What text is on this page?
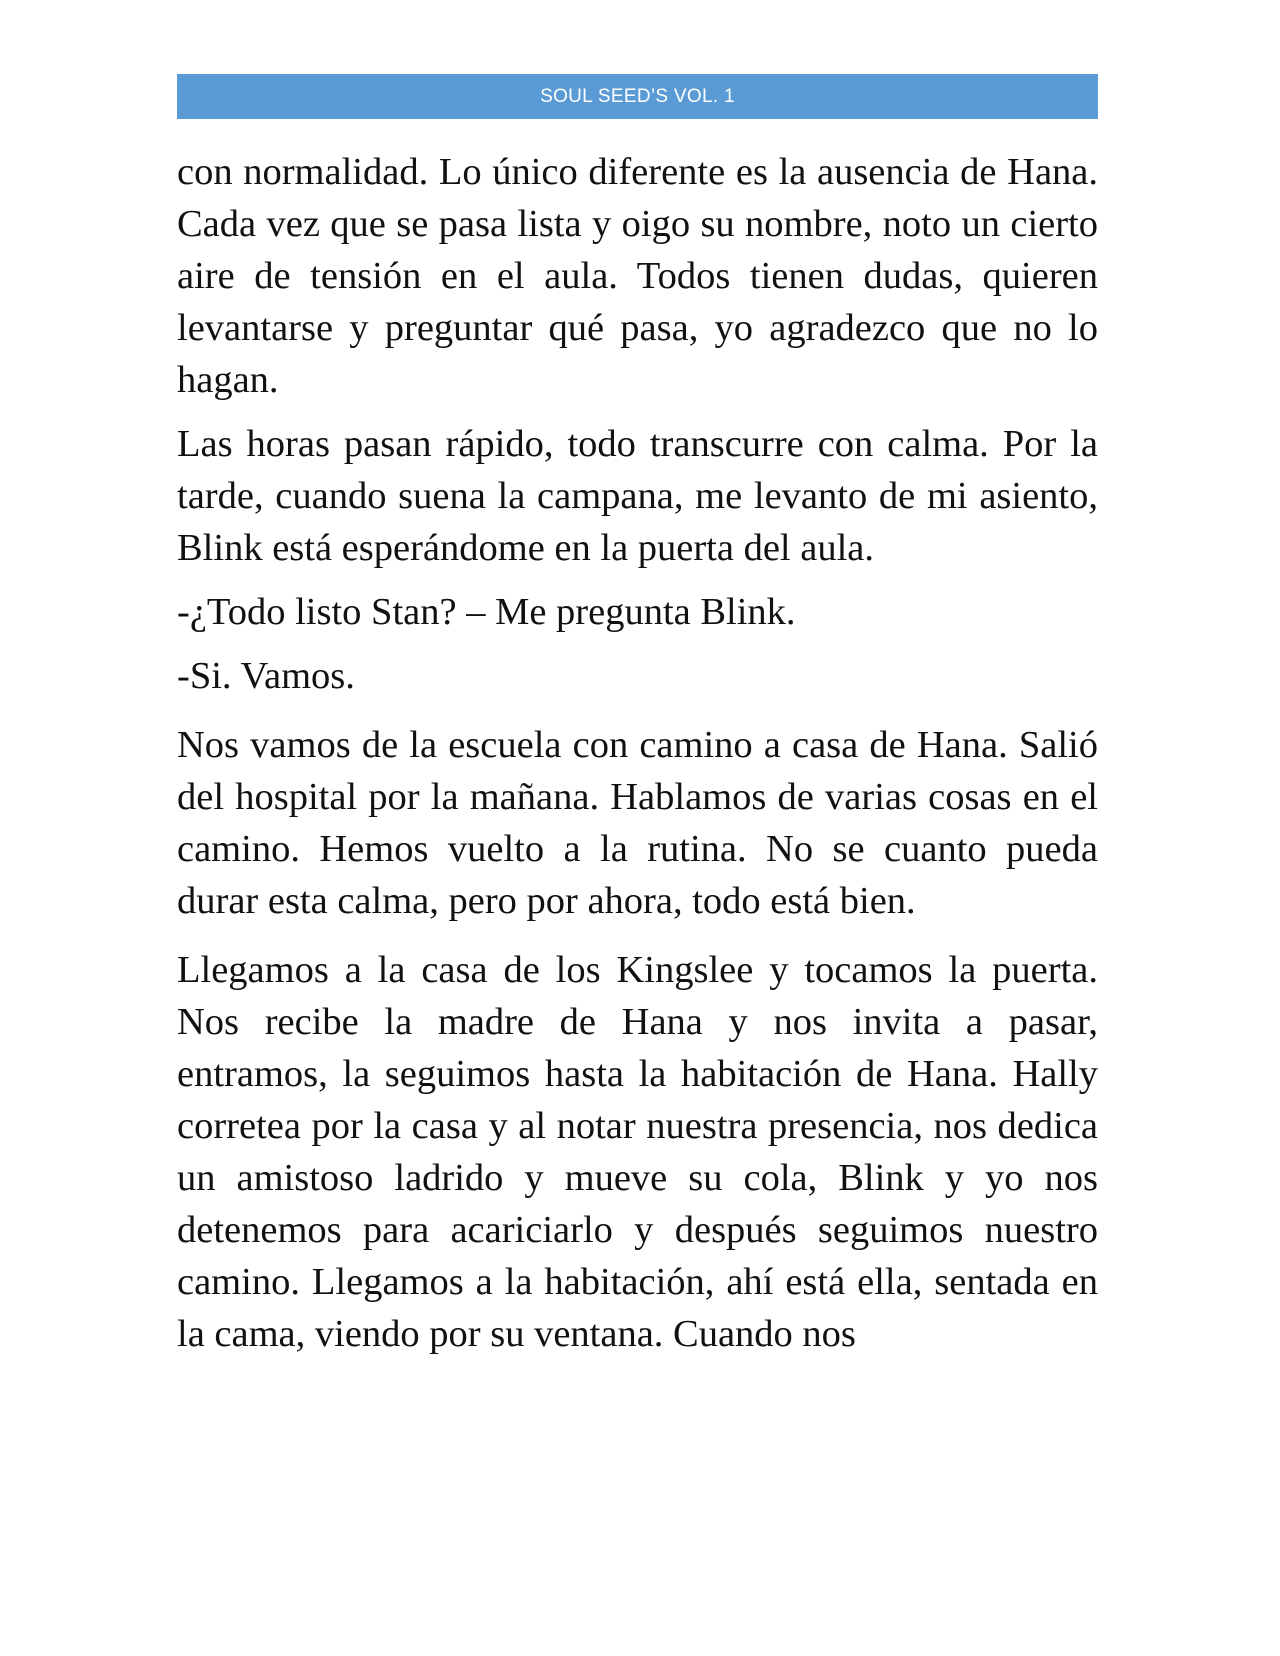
SOUL SEED’S VOL. 1

con normalidad. Lo único diferente es la ausencia de Hana. Cada vez que se pasa lista y oigo su nombre, noto un cierto aire de tensión en el aula. Todos tienen dudas, quieren levantarse y preguntar qué pasa, yo agradezco que no lo hagan.

Las horas pasan rápido, todo transcurre con calma. Por la tarde, cuando suena la campana, me levanto de mi asiento, Blink está esperándome en la puerta del aula.

-¿Todo listo Stan? – Me pregunta Blink.

-Si. Vamos.

Nos vamos de la escuela con camino a casa de Hana. Salió del hospital por la mañana. Hablamos de varias cosas en el camino. Hemos vuelto a la rutina. No se cuanto pueda durar esta calma, pero por ahora, todo está bien.

Llegamos a la casa de los Kingslee y tocamos la puerta. Nos recibe la madre de Hana y nos invita a pasar, entramos, la seguimos hasta la habitación de Hana. Hally corretea por la casa y al notar nuestra presencia, nos dedica un amistoso ladrido y mueve su cola, Blink y yo nos detenemos para acariciarlo y después seguimos nuestro camino. Llegamos a la habitación, ahí está ella, sentada en la cama, viendo por su ventana. Cuando nos
